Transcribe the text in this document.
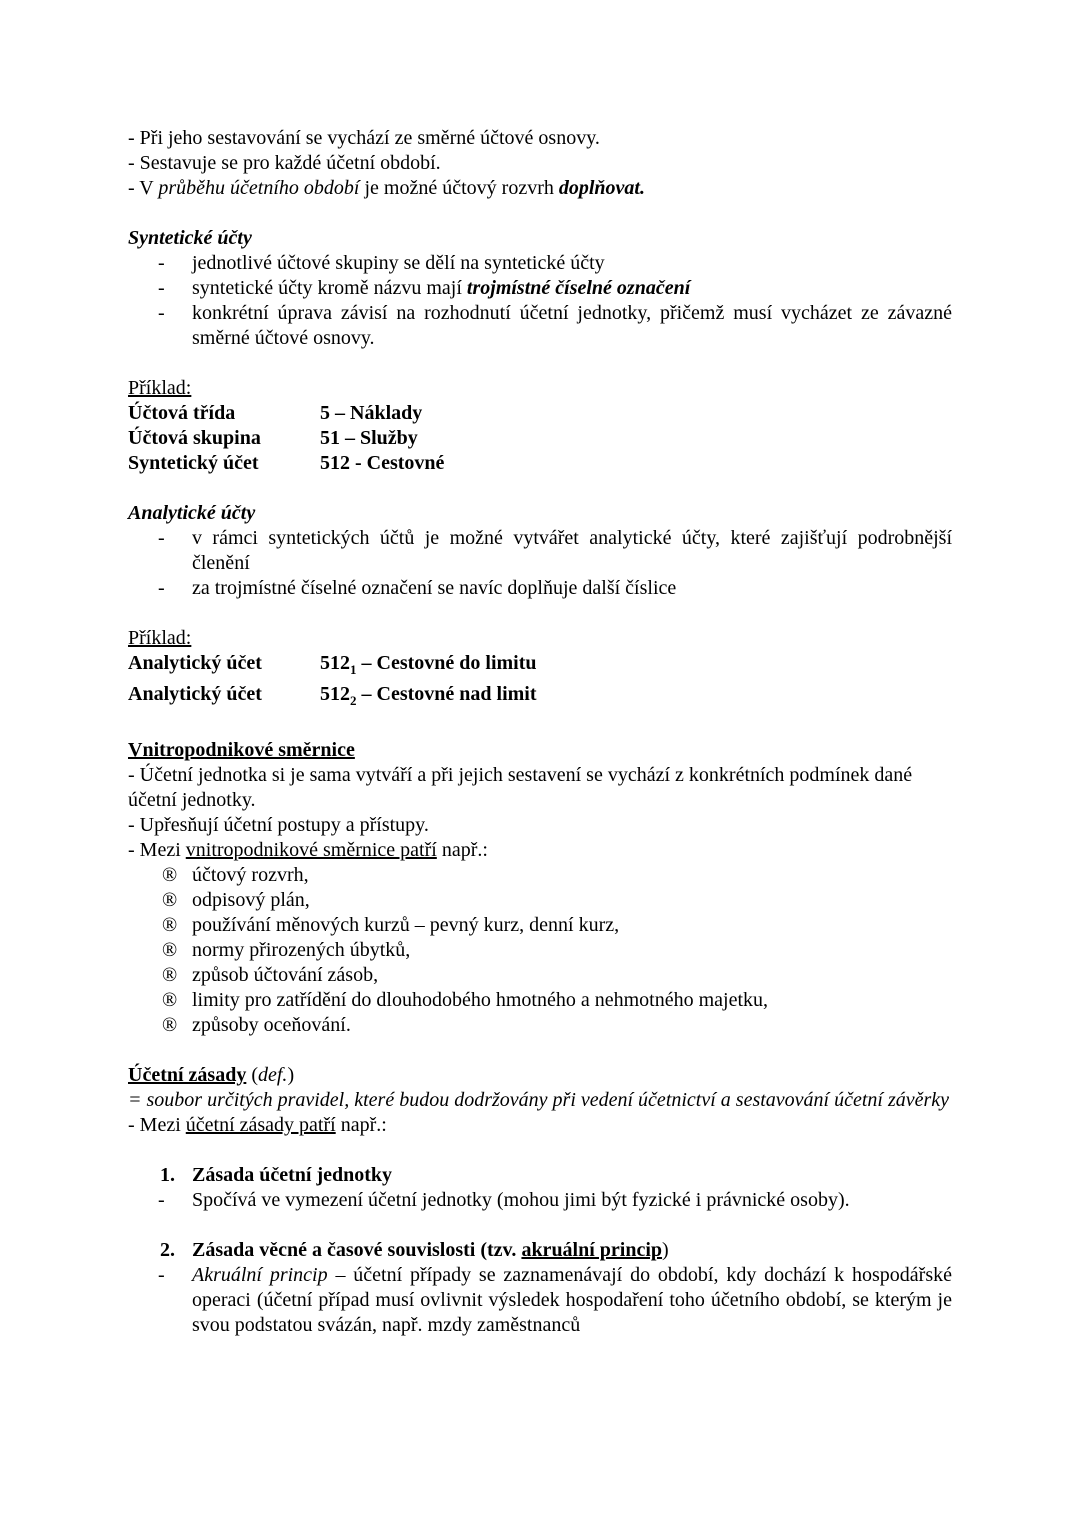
- Při jeho sestavování se vychází ze směrné účtové osnovy.

- Sestavuje se pro každé účetní období.

- V průběhu účetního období je možné účtový rozvrh doplňovat.

Syntetické účty

- jednotlivé účtové skupiny se dělí na syntetické účty
- syntetické účty kromě názvu mají trojmístné číselné označení
- konkrétní úprava závisí na rozhodnutí účetní jednotky, přičemž musí vycházet ze závazné směrné účtové osnovy.

Příklad:

Účtová třída	5 – Náklady
Účtová skupina	51 – Služby
Syntetický účet	512 - Cestovné

Analytické účty

- v rámci syntetických účtů je možné vytvářet analytické účty, které zajišťují podrobnější členění
- za trojmístné číselné označení se navíc doplňuje další číslice

Příklad:

Analytický účet	$512_1$ – Cestovné do limitu
Analytický účet	$512_2$ – Cestovné nad limit

Vnitropodnikové směrnice

- Účetní jednotka si je sama vytváří a při jejich sestavení se vychází z konkrétních podmínek dané účetní jednotky.

- Upřesňují účetní postupy a přístupy.

- Mezi vnitropodnikové směrnice patří např.:

® účtový rozvrh,
® odpisový plán,
® používání měnových kurzů – pevný kurz, denní kurz,
® normy přirozených úbytků,
® způsob účtování zásob,
® limity pro zatřídění do dlouhodobého hmotného a nehmotného majetku,
® způsoby oceňování.

Účetní zásady (def.)

= soubor určitých pravidel, které budou dodržovány při vedení účetnictví a sestavování účetní závěrky

- Mezi účetní zásady patří např.:

1. Zásada účetní jednotky

- Spočívá ve vymezení účetní jednotky (mohou jimi být fyzické i právnické osoby).

2. Zásada věcné a časové souvislosti (tzv. akruální princip)

- Akruální princip – účetní případy se zaznamenávají do období, kdy dochází k hospodářské operaci (účetní případ musí ovlivnit výsledek hospodaření toho účetního období, se kterým je svou podstatou svázán, např. mzdy zaměstnanců
